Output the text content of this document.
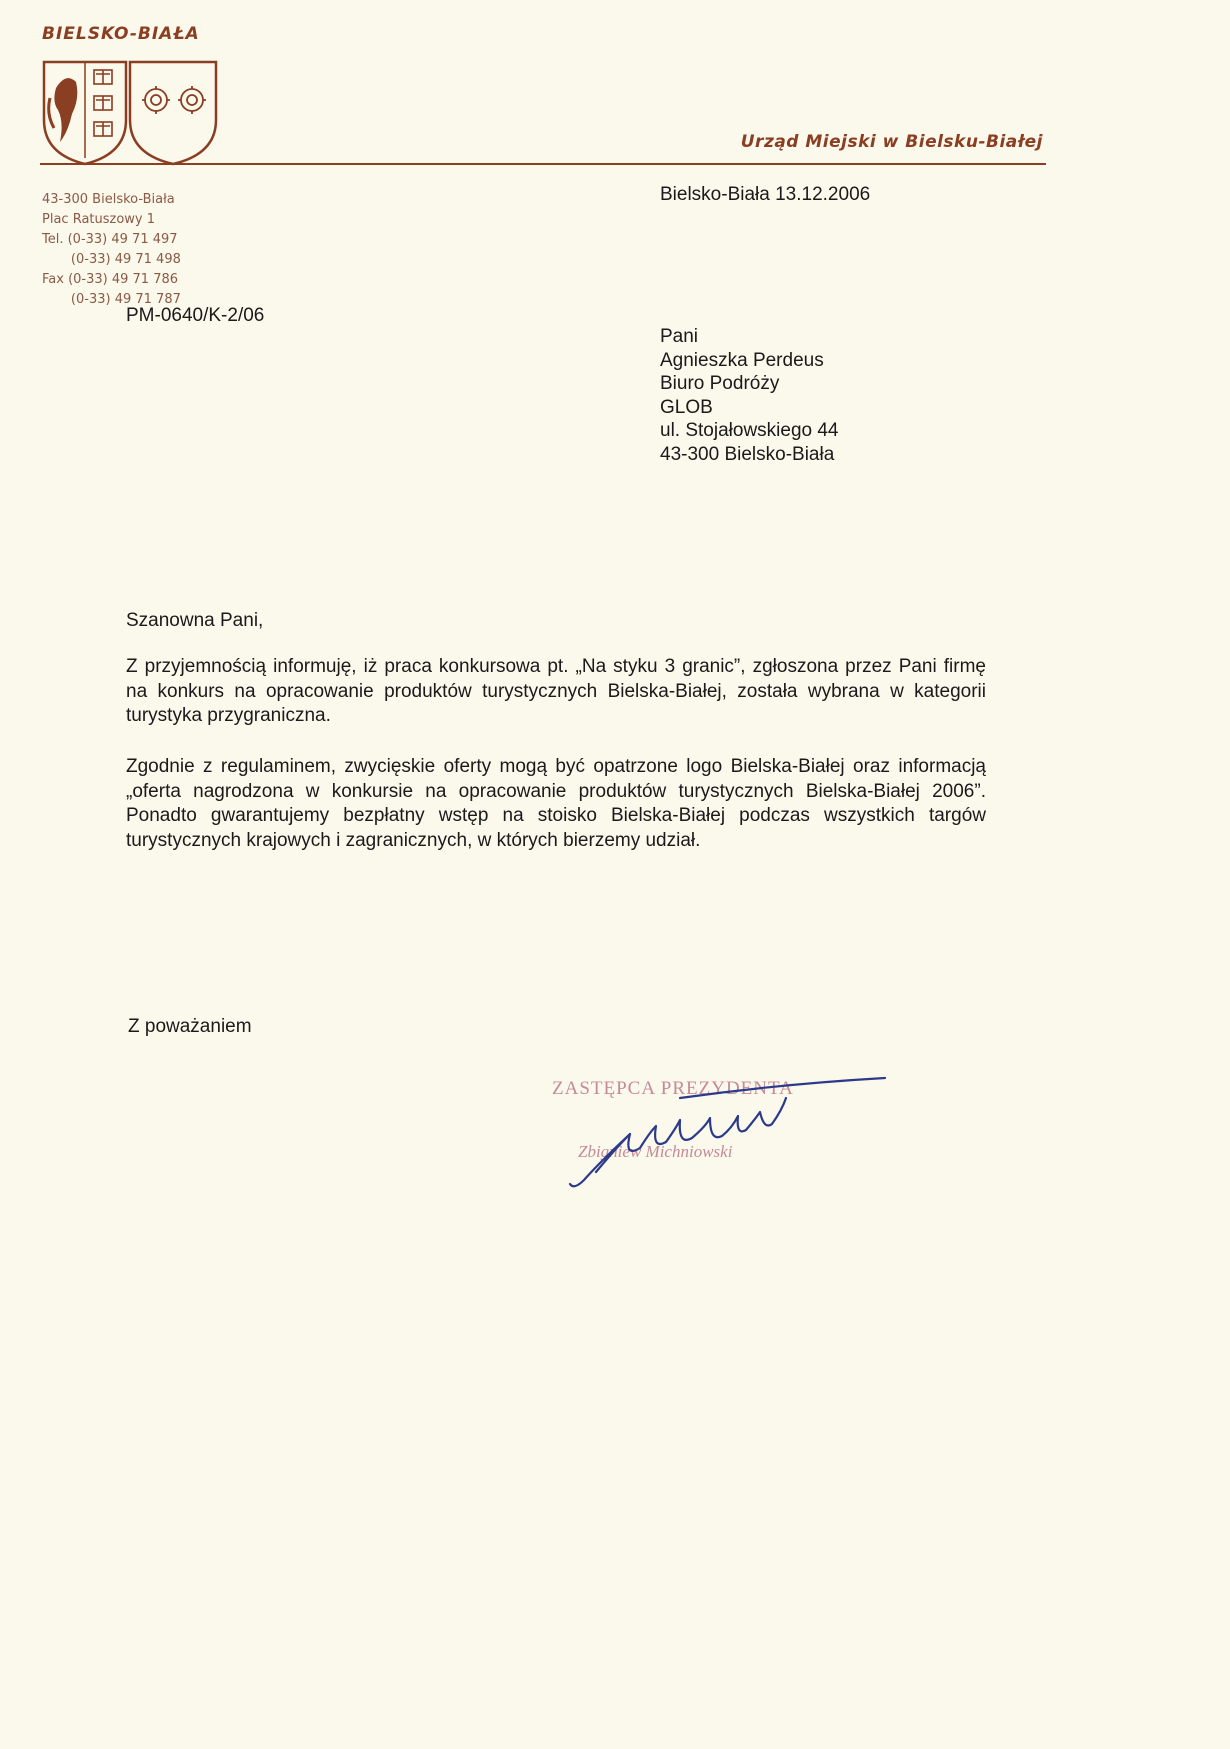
BIELSKO-BIAŁA
Urząd Miejski w Bielsku-Białej
43-300 Bielsko-Biała
Plac Ratuszowy 1
Tel. (0-33) 49 71 497
(0-33) 49 71 498
Fax (0-33) 49 71 786
(0-33) 49 71 787
Bielsko-Biała 13.12.2006
PM-0640/K-2/06
Pani
Agnieszka Perdeus
Biuro Podróży
GLOB
ul. Stojałowskiego 44
43-300 Bielsko-Biała
Szanowna Pani,
Z przyjemnością informuję, iż praca konkursowa pt. „Na styku 3 granic”, zgłoszona przez Pani firmę na konkurs na opracowanie produktów turystycznych Bielska-Białej, została wybrana w kategorii turystyka przygraniczna.
Zgodnie z regulaminem, zwycięskie oferty mogą być opatrzone logo Bielska-Białej oraz informacją „oferta nagrodzona w konkursie na opracowanie produktów turystycznych Bielska-Białej 2006”. Ponadto gwarantujemy bezpłatny wstęp na stoisko Bielska-Białej podczas wszystkich targów turystycznych krajowych i zagranicznych, w których bierzemy udział.
Z poważaniem
ZASTĘPCA PREZYDENTA
Zbigniew Michniowski
